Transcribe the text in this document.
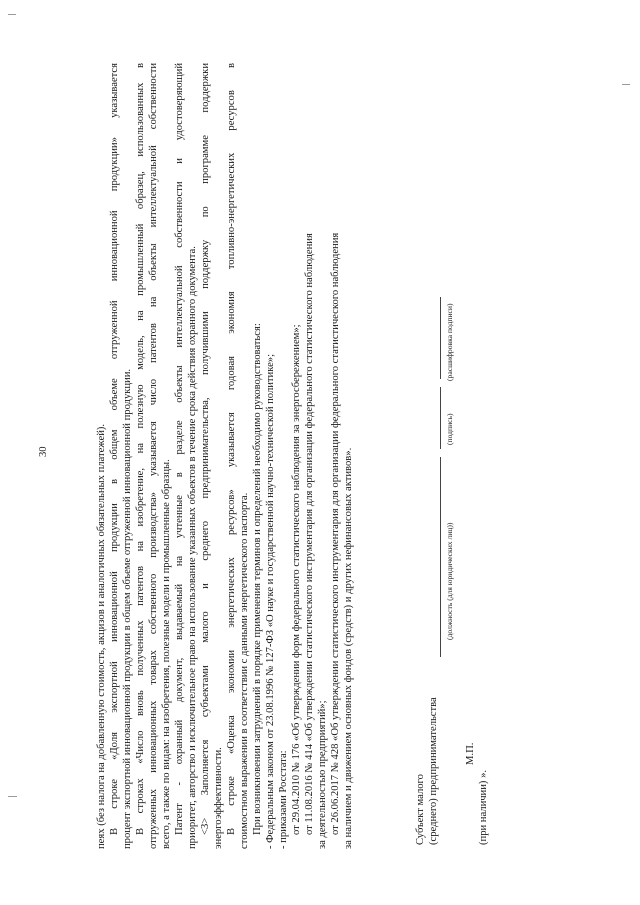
30	пеях (без налога на добавленную стоимость, акцизов и аналогичных обязательных платежей). В строке «Доля экспортной инновационной продукции в общем объеме отгруженной инновационной продукции» указывается процент экспортной инновационной продукции в общем объеме отгруженной инновационной продукции. В строках «Число вновь полученных патентов на изобретение, на полезную модель, на промышленный образец, использованных в отгруженных инновационных товарах собственного производства» указывается число патентов на объекты интеллектуальной собственности всего, а также по видам: на изобретения, полезные модели и промышленные образцы. Патент - охранный документ, выдаваемый на учтенные в разделе объекты интеллектуальной собственности и удостоверяющий приоритет, авторство и исключительное право на использование указанных объектов в течение срока действия охранного документа. <3> Заполняется субъектами малого и среднего предпринимательства, получившими поддержку по программе поддержки энергоэффективности. В строке «Оценка экономии энергетических ресурсов» указывается годовая экономия топливно-энергетических ресурсов в стоимостном выражении в соответствии с данными энергетического паспорта. При возникновении затруднений в порядке применения терминов и определений необходимо руководствоваться: - Федеральным законом от 23.08.1996 № 127-ФЗ «О науке и государственной научно-технической политике»; - приказами Росстата: от 29.04.2010 № 176 «Об утверждении форм федерального статистического наблюдения за энергосбережением»; от 11.08.2016 № 414 «Об утверждении статистического инструментария для организации федерального статистического наблюдения за деятельностью предприятий»; от 26.06.2017 № 428 «Об утверждении статистического инструментария для организации федерального статистического наблюдения за наличием и движением основных фондов (средств) и других нефинансовых активов».	Субъект малого (среднего) предпринимательства
(должность (для юридических лиц))
(подпись)
(расшифровка подписи)
М.П.
(при наличии) ».
